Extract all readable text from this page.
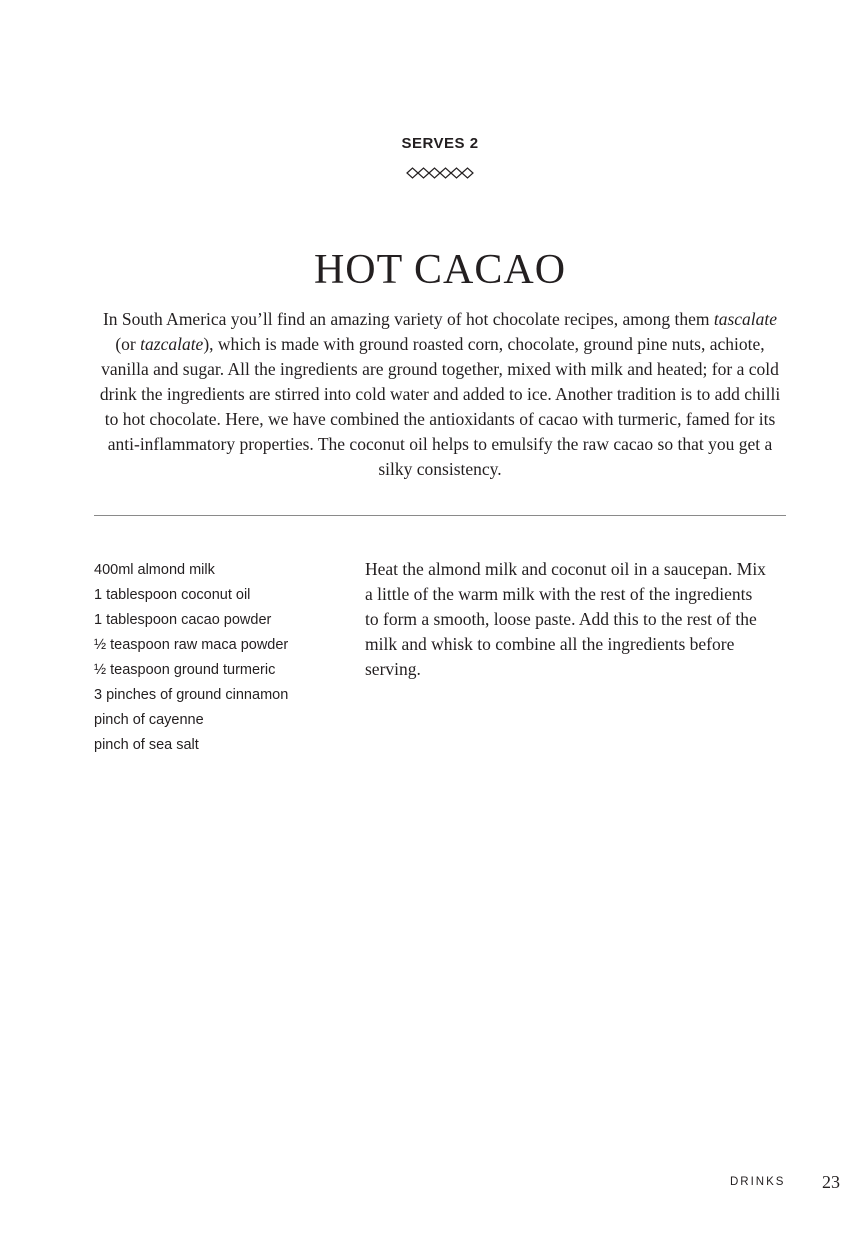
SERVES 2
HOT CACAO

In South America you’ll find an amazing variety of hot chocolate recipes, among them tascalate (or tazcalate), which is made with ground roasted corn, chocolate, ground pine nuts, achiote, vanilla and sugar. All the ingredients are ground together, mixed with milk and heated; for a cold drink the ingredients are stirred into cold water and added to ice. Another tradition is to add chilli to hot chocolate. Here, we have combined the antioxidants of cacao with turmeric, famed for its anti-inflammatory properties. The coconut oil helps to emulsify the raw cacao so that you get a silky consistency.

400ml almond milk
1 tablespoon coconut oil
1 tablespoon cacao powder
½ teaspoon raw maca powder
½ teaspoon ground turmeric
3 pinches of ground cinnamon
pinch of cayenne
pinch of sea salt

Heat the almond milk and coconut oil in a saucepan. Mix a little of the warm milk with the rest of the ingredients to form a smooth, loose paste. Add this to the rest of the milk and whisk to combine all the ingredients before serving.

DRINKS 23
